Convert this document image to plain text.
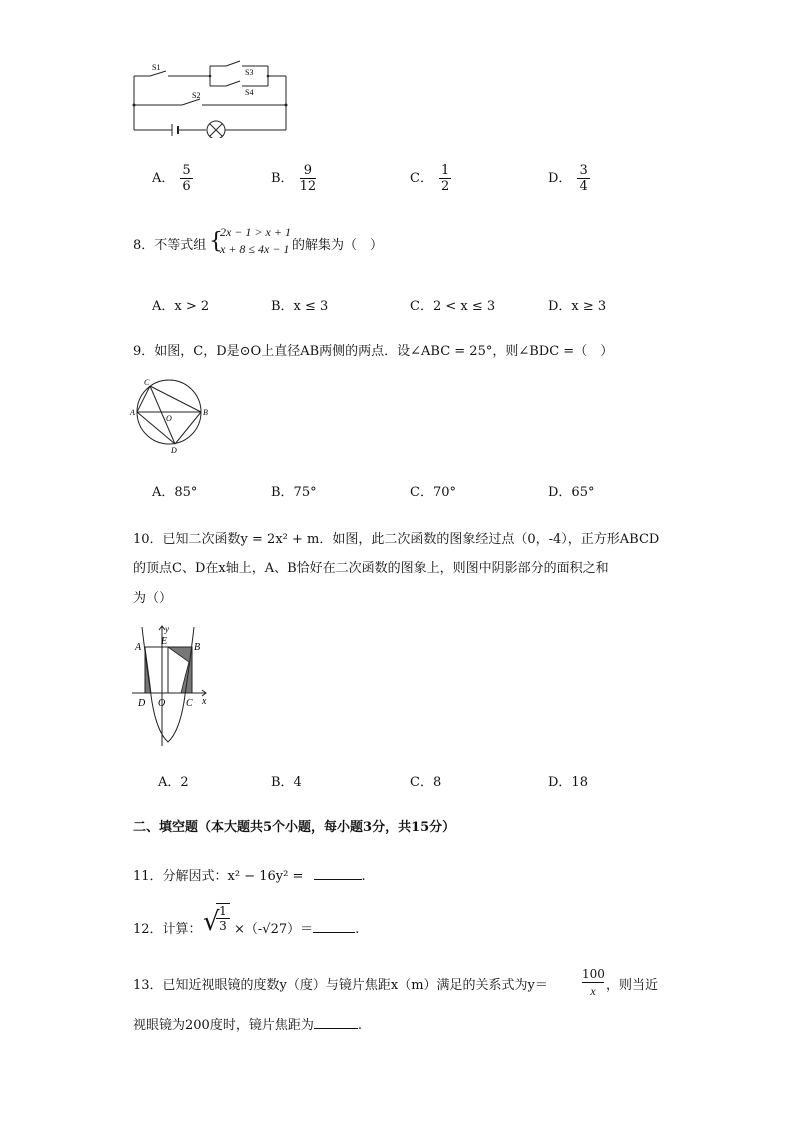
S1
S2
S3
S4
A． $\frac{5}{6}$	B． $\frac{9}{12}$	C． $\frac{1}{2}$	D． $\frac{3}{4}$
8．不等式组 {
2x − 1 > x + 1
x + 8 ≤ 4x − 1 的解集为（　）
A．x > 2	B．x ≤ 3	C．2 < x ≤ 3	D．x ≥ 3
9．如图，C，D是⊙O上直径AB两侧的两点．设∠ABC = 25°，则∠BDC =（　）
C
A
O
B
D
A．85°	B．75°	C．70°	D．65°
10．已知二次函数y = 2x² + m．如图，此二次函数的图象经过点（0，-4），正方形ABCD
的顶点C、D在x轴上，A、B恰好在二次函数的图象上，则图中阴影部分的面积之和
为（）
y
x
A	B
E
D O C
A．2	B．4	C．8	D．18
二、填空题（本大题共5个小题，每小题3分，共15分）
11．分解因式：x² − 16y² =	.
12．计算： √ 1
3 ×（-√27）＝	.
13．已知近视眼镜的度数y（度）与镜片焦距x（m）满足的关系式为y＝
100
x ，则当近
视眼镜为200度时，镜片焦距为	.
